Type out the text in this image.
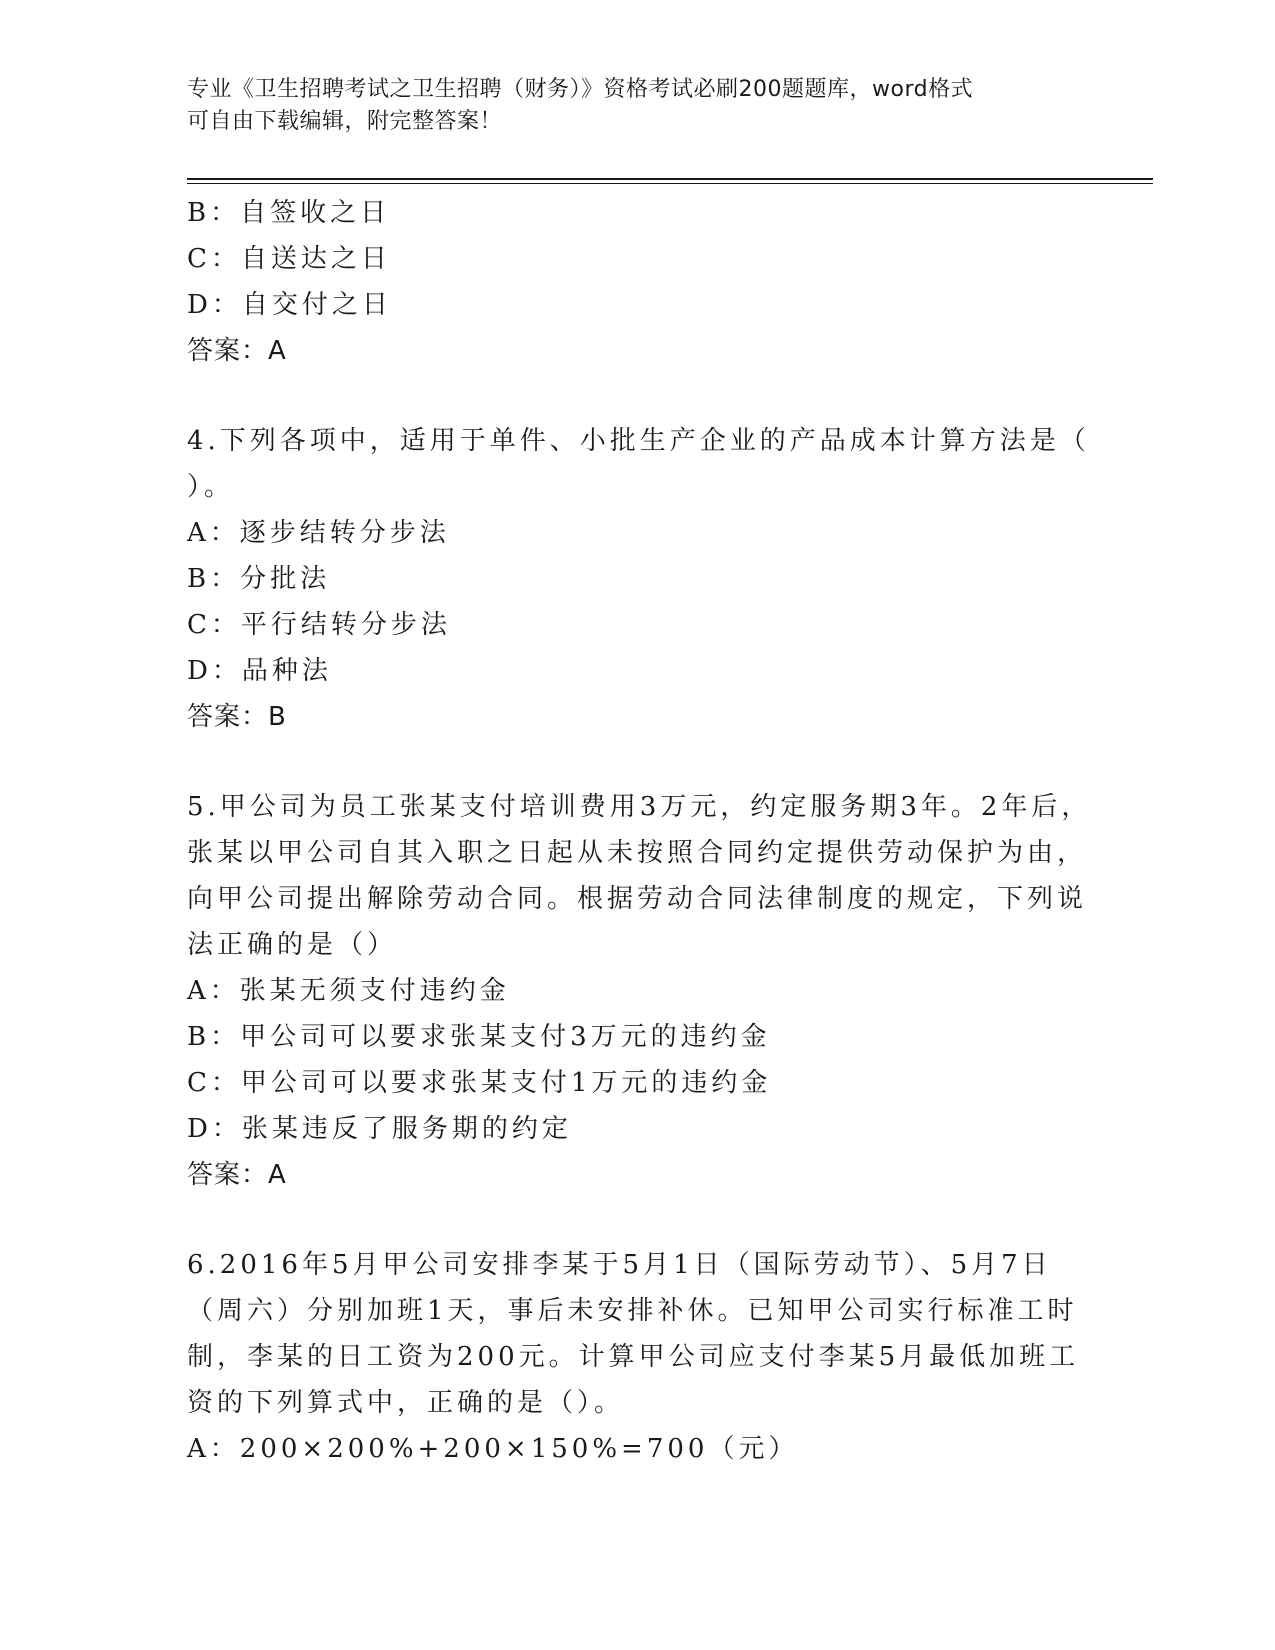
专业《卫生招聘考试之卫生招聘（财务）》资格考试必刷200题题库，word格式
可自由下载编辑，附完整答案！
B：自签收之日
C：自送达之日
D：自交付之日
答案：A
4.下列各项中，适用于单件、小批生产企业的产品成本计算方法是（
）。
A：逐步结转分步法
B：分批法
C：平行结转分步法
D：品种法
答案：B
5.甲公司为员工张某支付培训费用3万元，约定服务期3年。2年后，
张某以甲公司自其入职之日起从未按照合同约定提供劳动保护为由，
向甲公司提出解除劳动合同。根据劳动合同法律制度的规定，下列说
法正确的是（）
A：张某无须支付违约金
B：甲公司可以要求张某支付3万元的违约金
C：甲公司可以要求张某支付1万元的违约金
D：张某违反了服务期的约定
答案：A
6.2016年5月甲公司安排李某于5月1日（国际劳动节）、5月7日
（周六）分别加班1天，事后未安排补休。已知甲公司实行标准工时
制，李某的日工资为200元。计算甲公司应支付李某5月最低加班工
资的下列算式中，正确的是（）。
A：200×200%+200×150%=700（元）
